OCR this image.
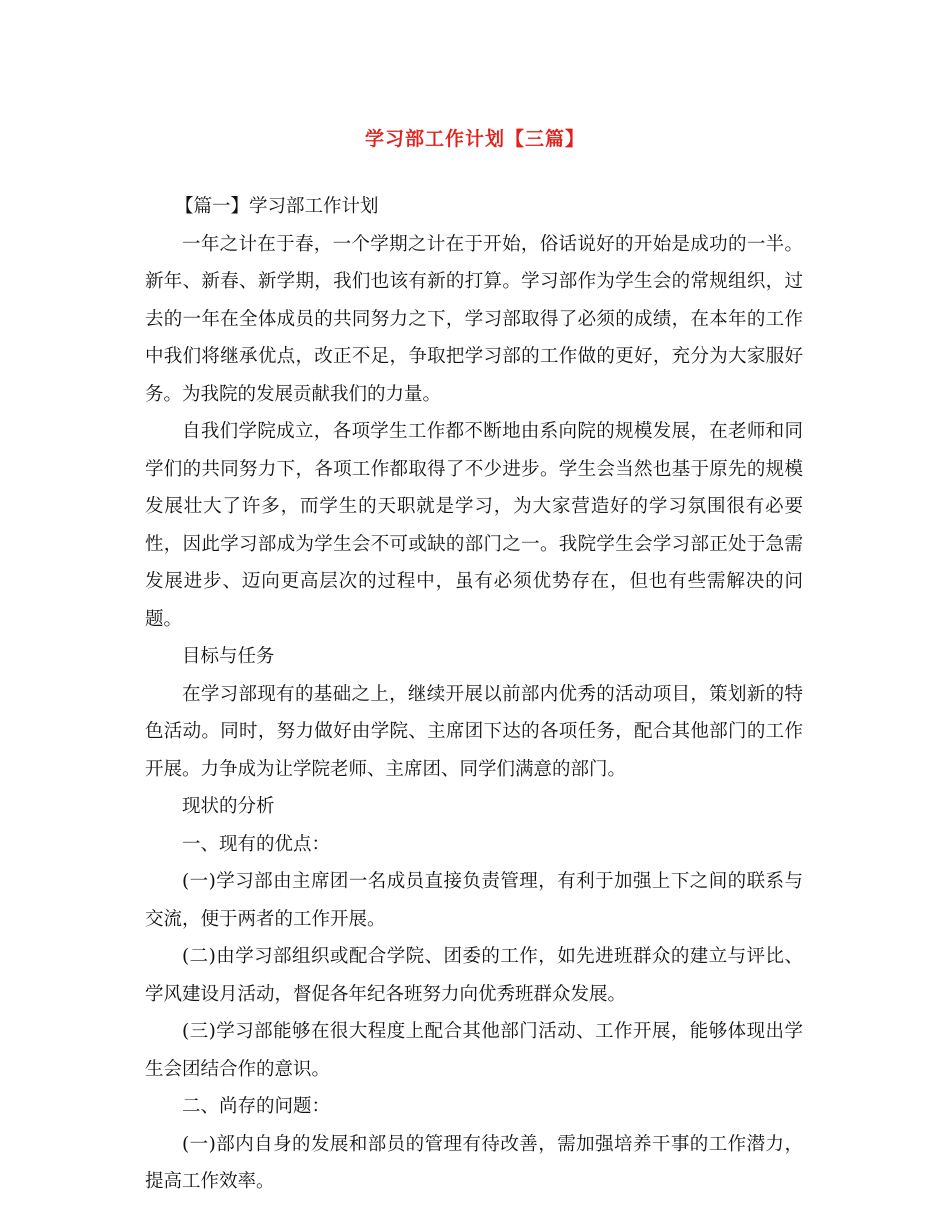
学习部工作计划【三篇】

【篇一】学习部工作计划

一年之计在于春，一个学期之计在于开始，俗话说好的开始是成功的一半。新年、新春、新学期，我们也该有新的打算。学习部作为学生会的常规组织，过去的一年在全体成员的共同努力之下，学习部取得了必须的成绩，在本年的工作中我们将继承优点，改正不足，争取把学习部的工作做的更好，充分为大家服好务。为我院的发展贡献我们的力量。

自我们学院成立，各项学生工作都不断地由系向院的规模发展，在老师和同学们的共同努力下，各项工作都取得了不少进步。学生会当然也基于原先的规模发展壮大了许多，而学生的天职就是学习，为大家营造好的学习氛围很有必要性，因此学习部成为学生会不可或缺的部门之一。我院学生会学习部正处于急需发展进步、迈向更高层次的过程中，虽有必须优势存在，但也有些需解决的问题。

目标与任务

在学习部现有的基础之上，继续开展以前部内优秀的活动项目，策划新的特色活动。同时，努力做好由学院、主席团下达的各项任务，配合其他部门的工作开展。力争成为让学院老师、主席团、同学们满意的部门。

现状的分析

一、现有的优点：

(一)学习部由主席团一名成员直接负责管理，有利于加强上下之间的联系与交流，便于两者的工作开展。

(二)由学习部组织或配合学院、团委的工作，如先进班群众的建立与评比、学风建设月活动，督促各年纪各班努力向优秀班群众发展。

(三)学习部能够在很大程度上配合其他部门活动、工作开展，能够体现出学生会团结合作的意识。

二、尚存的问题：

(一)部内自身的发展和部员的管理有待改善，需加强培养干事的工作潜力，提高工作效率。
